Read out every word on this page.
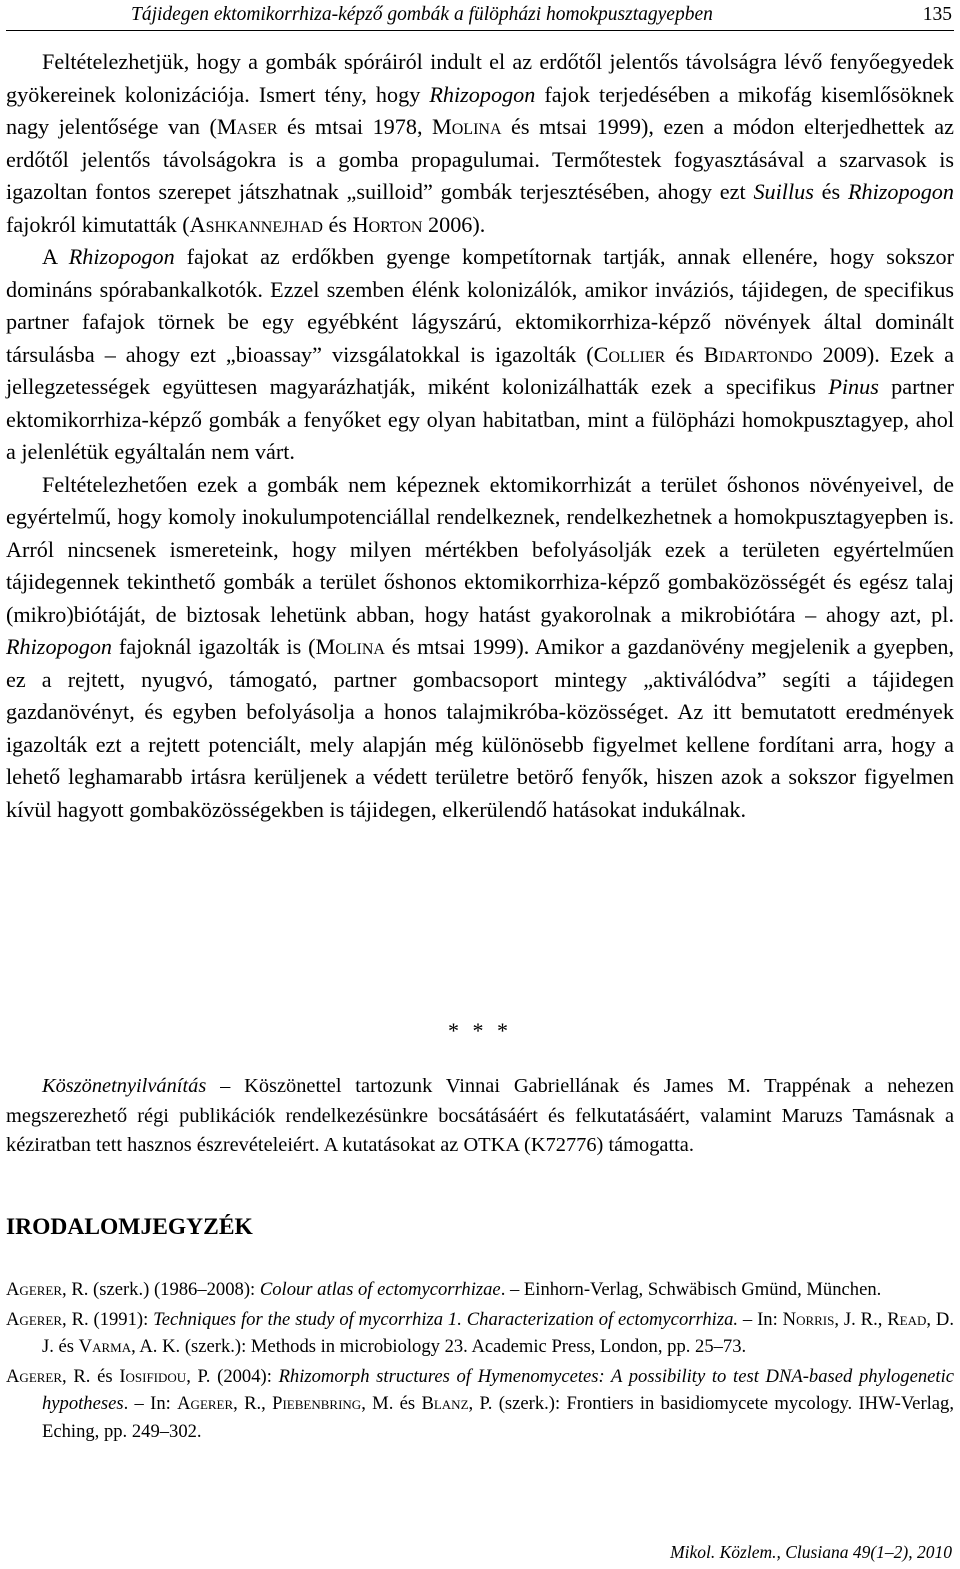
Tájidegen ektomikorrhiza-képző gombák a fülöpházi homokpusztagyepben	135

Feltételezhetjük, hogy a gombák spóráiról indult el az erdőtől jelentős távolságra lévő fenyőegyedek gyökereinek kolonizációja. Ismert tény, hogy Rhizopogon fajok terjedésében a mikofág kisemlősöknek nagy jelentősége van (Maser és mtsai 1978, Molina és mtsai 1999), ezen a módon elterjedhettek az erdőtől jelentős távolságokra is a gomba propagulumai. Termőtestek fogyasztásával a szarvasok is igazoltan fontos szerepet játszhatnak „suilloid” gombák terjesztésében, ahogy ezt Suillus és Rhizopogon fajokról kimutatták (Ashkannejhad és Horton 2006).

A Rhizopogon fajokat az erdőkben gyenge kompetítornak tartják, annak ellenére, hogy sokszor domináns spórabankalkotók. Ezzel szemben élénk kolonizálók, amikor inváziós, tájidegen, de specifikus partner fafajok törnek be egy egyébként lágyszárú, ektomikorrhiza-képző növények által dominált társulásba – ahogy ezt „bioassay” vizsgálatokkal is igazolták (Collier és Bidartondo 2009). Ezek a jellegzetességek együttesen magyarázhatják, miként kolonizálhatták ezek a specifikus Pinus partner ektomikorrhiza-képző gombák a fenyőket egy olyan habitatban, mint a fülöpházi homokpusztagyep, ahol a jelenlétük egyáltalán nem várt.

Feltételezhetően ezek a gombák nem képeznek ektomikorrhizát a terület őshonos növényeivel, de egyértelmű, hogy komoly inokulumpotenciállal rendelkeznek, rendelkezhetnek a homokpusztagyepben is. Arról nincsenek ismereteink, hogy milyen mértékben befolyásolják ezek a területen egyértelműen tájidegennek tekinthető gombák a terület őshonos ektomikorrhiza-képző gombaközösségét és egész talaj (mikro)biótáját, de biztosak lehetünk abban, hogy hatást gyakorolnak a mikrobiótára – ahogy azt, pl. Rhizopogon fajoknál igazolták is (Molina és mtsai 1999). Amikor a gazdanövény megjelenik a gyepben, ez a rejtett, nyugvó, támogató, partner gombacsoport mintegy „aktiválódva” segíti a tájidegen gazdanövényt, és egyben befolyásolja a honos talajmikróba-közösséget. Az itt bemutatott eredmények igazolták ezt a rejtett potenciált, mely alapján még különösebb figyelmet kellene fordítani arra, hogy a lehető leghamarabb irtásra kerüljenek a védett területre betörő fenyők, hiszen azok a sokszor figyelmen kívül hagyott gombaközösségekben is tájidegen, elkerülendő hatásokat indukálnak.

* * *

Köszönetnyilvánítás – Köszönettel tartozunk Vinnai Gabriellának és James M. Trappénak a nehezen megszerezhető régi publikációk rendelkezésünkre bocsátásáért és felkutatásáért, valamint Maruzs Tamásnak a kéziratban tett hasznos észrevételeiért. A kutatásokat az OTKA (K72776) támogatta.

IRODALOMJEGYZÉK

Agerer, R. (szerk.) (1986–2008): Colour atlas of ectomycorrhizae. – Einhorn-Verlag, Schwäbisch Gmünd, München.

Agerer, R. (1991): Techniques for the study of mycorrhiza 1. Characterization of ectomycorrhiza. – In: Norris, J. R., Read, D. J. és Varma, A. K. (szerk.): Methods in microbiology 23. Academic Press, London, pp. 25–73.

Agerer, R. és Iosifidou, P. (2004): Rhizomorph structures of Hymenomycetes: A possibility to test DNA-based phylogenetic hypotheses. – In: Agerer, R., Piebenbring, M. és Blanz, P. (szerk.): Frontiers in basidiomycete mycology. IHW-Verlag, Eching, pp. 249–302.

Mikol. Közlem., Clusiana 49(1–2), 2010
